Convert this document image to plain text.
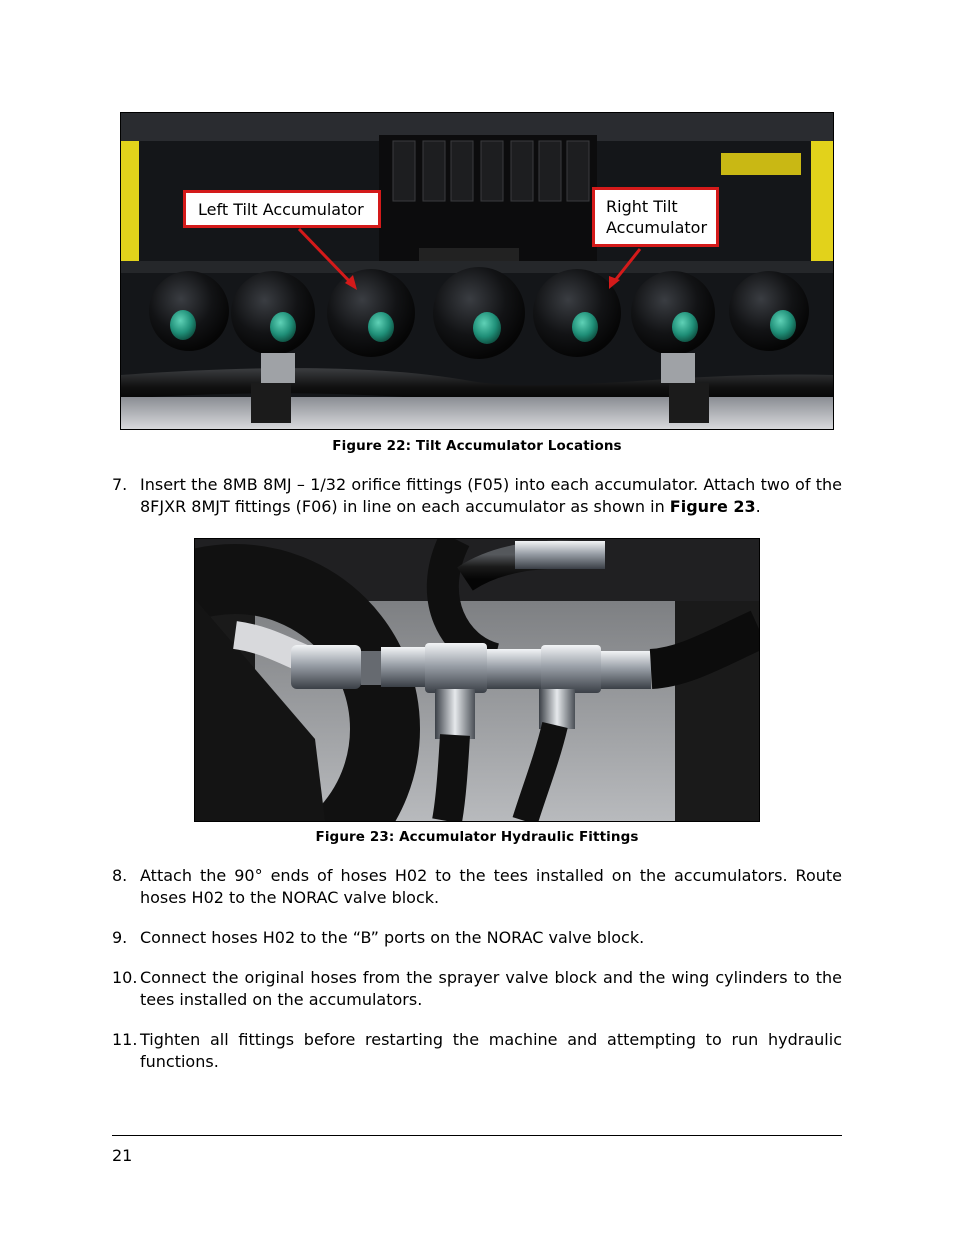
Left Tilt Accumulator	Right Tilt
Accumulator
Figure 22: Tilt Accumulator Locations
7. Insert the 8MB 8MJ – 1/32 orifice fittings (F05) into each accumulator. Attach two of the 8FJXR 8MJT fittings (F06) in line on each accumulator as shown in Figure 23.
Figure 23: Accumulator Hydraulic Fittings
8. Attach the 90° ends of hoses H02 to the tees installed on the accumulators. Route hoses H02 to the NORAC valve block.
9. Connect hoses H02 to the “B” ports on the NORAC valve block.
10. Connect the original hoses from the sprayer valve block and the wing cylinders to the tees installed on the accumulators.
11. Tighten all fittings before restarting the machine and attempting to run hydraulic functions.
21
